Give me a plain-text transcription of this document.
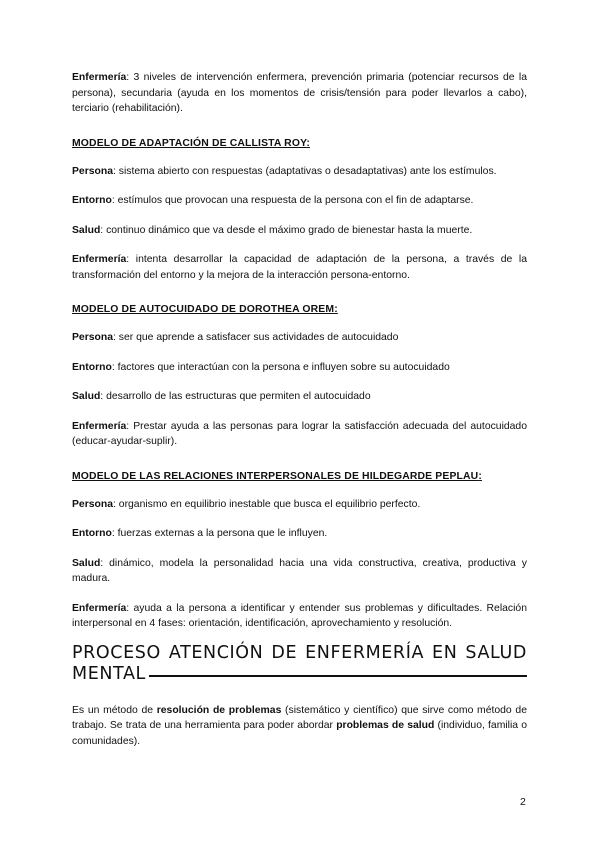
Enfermería: 3 niveles de intervención enfermera, prevención primaria (potenciar recursos de la persona), secundaria (ayuda en los momentos de crisis/tensión para poder llevarlos a cabo), terciario (rehabilitación).

MODELO DE ADAPTACIÓN DE CALLISTA ROY:

Persona: sistema abierto con respuestas (adaptativas o desadaptativas) ante los estímulos.

Entorno: estímulos que provocan una respuesta de la persona con el fin de adaptarse.

Salud: continuo dinámico que va desde el máximo grado de bienestar hasta la muerte.

Enfermería: intenta desarrollar la capacidad de adaptación de la persona, a través de la transformación del entorno y la mejora de la interacción persona-entorno.

MODELO DE AUTOCUIDADO DE DOROTHEA OREM:

Persona: ser que aprende a satisfacer sus actividades de autocuidado

Entorno: factores que interactúan con la persona e influyen sobre su autocuidado

Salud: desarrollo de las estructuras que permiten el autocuidado

Enfermería: Prestar ayuda a las personas para lograr la satisfacción adecuada del autocuidado (educar-ayudar-suplir).

MODELO DE LAS RELACIONES INTERPERSONALES DE HILDEGARDE PEPLAU:

Persona: organismo en equilibrio inestable que busca el equilibrio perfecto.

Entorno: fuerzas externas a la persona que le influyen.

Salud: dinámico, modela la personalidad hacia una vida constructiva, creativa, productiva y madura.

Enfermería: ayuda a la persona a identificar y entender sus problemas y dificultades. Relación interpersonal en 4 fases: orientación, identificación, aprovechamiento y resolución.

PROCESO ATENCIÓN DE ENFERMERÍA EN SALUD

MENTAL

Es un método de resolución de problemas (sistemático y científico) que sirve como método de trabajo. Se trata de una herramienta para poder abordar problemas de salud (individuo, familia o comunidades).

2
